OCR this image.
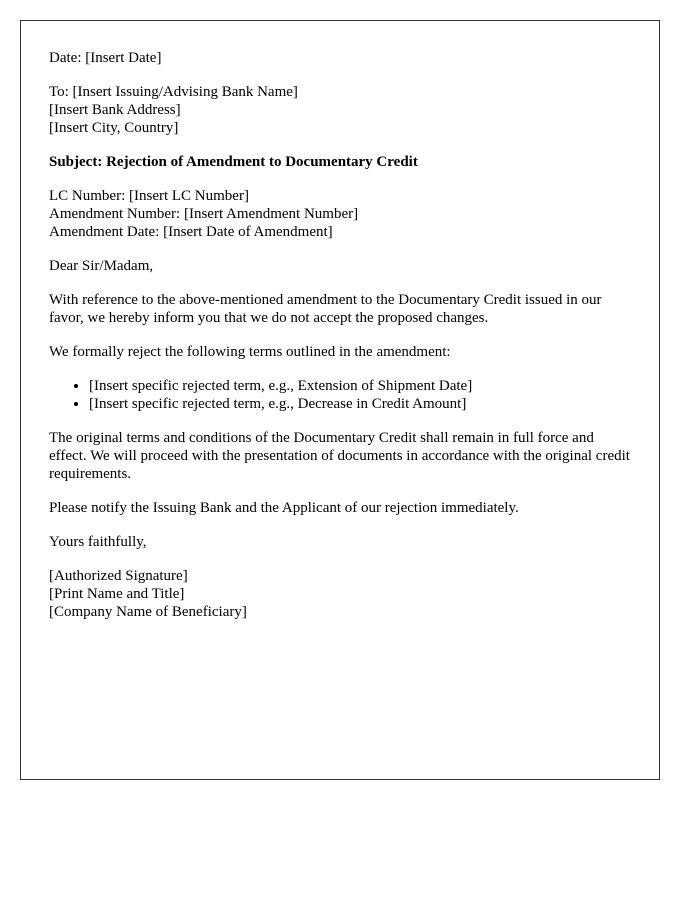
Date: [Insert Date]
To: [Insert Issuing/Advising Bank Name]
[Insert Bank Address]
[Insert City, Country]
Subject: Rejection of Amendment to Documentary Credit
LC Number: [Insert LC Number]
Amendment Number: [Insert Amendment Number]
Amendment Date: [Insert Date of Amendment]

Dear Sir/Madam,

With reference to the above-mentioned amendment to the Documentary Credit issued in our favor, we hereby inform you that we do not accept the proposed changes.

We formally reject the following terms outlined in the amendment:

• [Insert specific rejected term, e.g., Extension of Shipment Date]
• [Insert specific rejected term, e.g., Decrease in Credit Amount]

The original terms and conditions of the Documentary Credit shall remain in full force and effect. We will proceed with the presentation of documents in accordance with the original credit requirements.

Please notify the Issuing Bank and the Applicant of our rejection immediately.

Yours faithfully,

[Authorized Signature]
[Print Name and Title]
[Company Name of Beneficiary]
